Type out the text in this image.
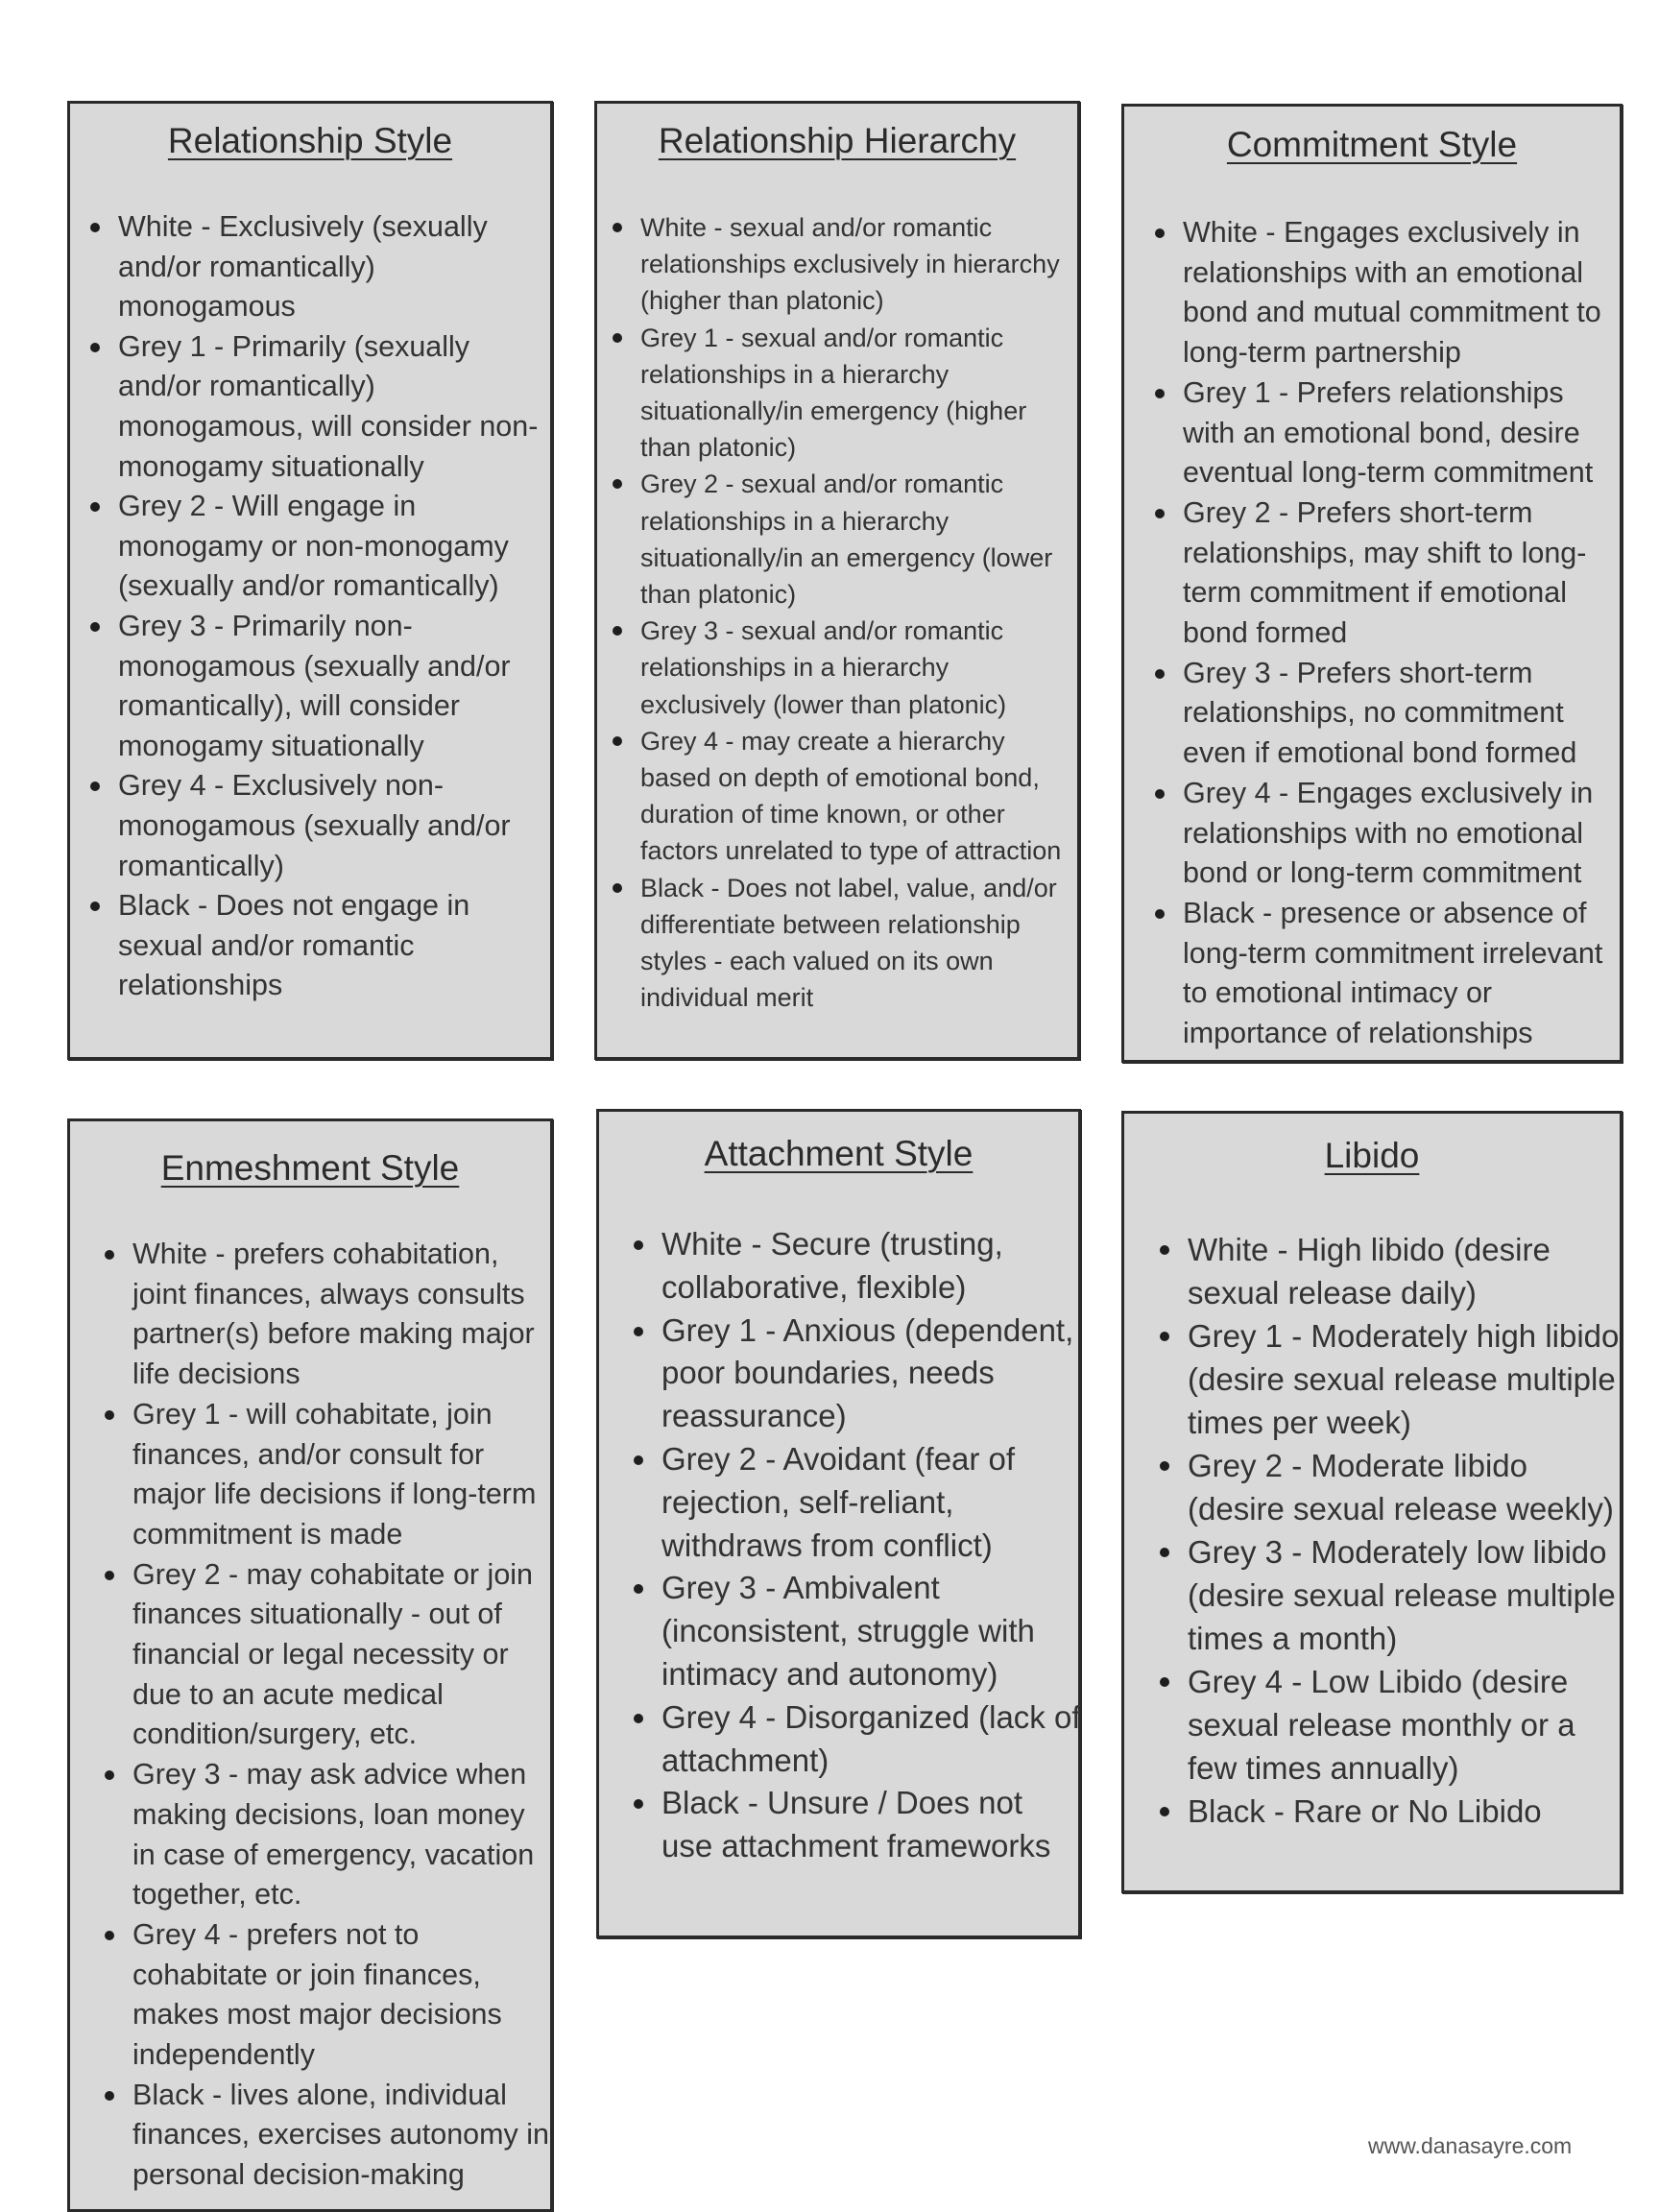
Relationship Style
White - Exclusively (sexually and/or romantically) monogamous
Grey 1 - Primarily (sexually and/or romantically) monogamous, will consider non-monogamy situationally
Grey 2 - Will engage in monogamy or non-monogamy (sexually and/or romantically)
Grey 3 - Primarily non-monogamous (sexually and/or romantically), will consider monogamy situationally
Grey 4 - Exclusively non-monogamous (sexually and/or romantically)
Black - Does not engage in sexual and/or romantic relationships
Relationship Hierarchy
White - sexual and/or romantic relationships exclusively in hierarchy (higher than platonic)
Grey 1 - sexual and/or romantic relationships in a hierarchy situationally/in emergency (higher than platonic)
Grey 2 - sexual and/or romantic relationships in a hierarchy situationally/in an emergency (lower than platonic)
Grey 3 - sexual and/or romantic relationships in a hierarchy exclusively (lower than platonic)
Grey 4 - may create a hierarchy based on depth of emotional bond, duration of time known, or other factors unrelated to type of attraction
Black - Does not label, value, and/or differentiate between relationship styles - each valued on its own individual merit
Commitment Style
White - Engages exclusively in relationships with an emotional bond and mutual commitment to long-term partnership
Grey 1 - Prefers relationships with an emotional bond, desire eventual long-term commitment
Grey 2 - Prefers short-term relationships, may shift to long-term commitment if emotional bond formed
Grey 3 - Prefers short-term relationships, no commitment even if emotional bond formed
Grey 4 - Engages exclusively in relationships with no emotional bond or long-term commitment
Black - presence or absence of long-term commitment irrelevant to emotional intimacy or importance of relationships
Enmeshment Style
White - prefers cohabitation, joint finances, always consults partner(s) before making major life decisions
Grey 1 - will cohabitate, join finances, and/or consult for major life decisions if long-term commitment is made
Grey 2 - may cohabitate or join finances situationally - out of financial or legal necessity or due to an acute medical condition/surgery, etc.
Grey 3 - may ask advice when making decisions, loan money in case of emergency, vacation together, etc.
Grey 4 - prefers not to cohabitate or join finances, makes most major decisions independently
Black - lives alone, individual finances, exercises autonomy in personal decision-making
Attachment Style
White - Secure (trusting, collaborative, flexible)
Grey 1 - Anxious (dependent, poor boundaries, needs reassurance)
Grey 2 - Avoidant (fear of rejection, self-reliant, withdraws from conflict)
Grey 3 - Ambivalent (inconsistent, struggle with intimacy and autonomy)
Grey 4 - Disorganized (lack of attachment)
Black - Unsure / Does not use attachment frameworks
Libido
White - High libido (desire sexual release daily)
Grey 1 - Moderately high libido (desire sexual release multiple times per week)
Grey 2 - Moderate libido (desire sexual release weekly)
Grey 3 - Moderately low libido (desire sexual release multiple times a month)
Grey 4 - Low Libido (desire sexual release monthly or a few times annually)
Black - Rare or No Libido
www.danasayre.com
